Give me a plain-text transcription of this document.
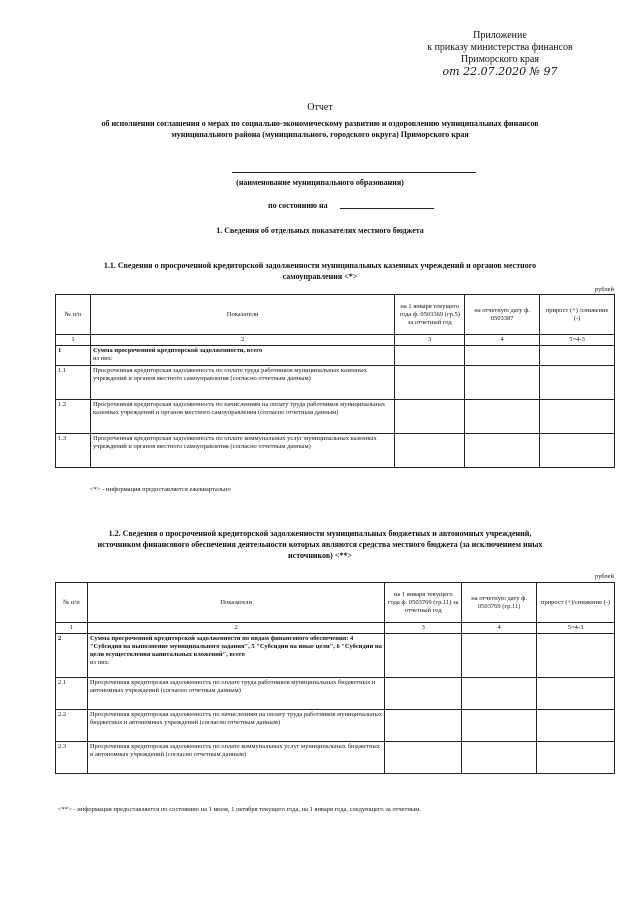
Приложение
к приказу министерства финансов
Приморского края
от 22.07.2020 № 97
Отчет
об исполнении соглашения о мерах по социально-экономическому развитию и оздоровлению муниципальных финансов
муниципального района (муниципального, городского округа) Приморского края
(наименование муниципального образования)
по состоянию на
1. Сведения об отдельных показателях местного бюджета
1.1. Сведения о просроченной кредиторской задолженности муниципальных казенных учреждений и органов местного
самоуправления <*>
рублей
№ п/п	Показатели	на 1 января текущего года ф. 0503369 (гр.5) за отчетный год	на отчетную дату ф. 0503387	прирост (+) /снижение (-)
1	2	3	4	5=4-3
1	Сумма просроченной кредиторской задолженности, всего
из них:			

1.1	Просроченная кредиторская задолженность по оплате труда работников муниципальных казенных учреждений и органов местного самоуправления (согласно отчетным данным)			
1.2	Просроченная кредиторская задолженность по начислениям на оплату труда работников муниципальных казенных учреждений и органов местного самоуправления (согласно отчетным данным)			
1.3	Просроченная кредиторская задолженность по оплате коммунальных услуг муниципальных казенных учреждений и органов местного самоуправления (согласно отчетным данным)			
<*> - информация предоставляется ежеквартально
1.2. Сведения о просроченной кредиторской задолженности муниципальных бюджетных и автономных учреждений,
источником финансового обеспечения деятельности которых являются средства местного бюджета (за исключением иных
источников) <**>
рублей
№ п/п	Показатели	на 1 января текущего года ф. 0503769 (гр.11) за отчетный год	на отчетную дату ф. 0503769 (гр.11)	прирост (+)/снижение (-)
1	2	3	4	5=4-3
2	Сумма просроченной кредиторской задолженности по видам финансового обеспечения: 4 "Субсидия на выполнение муниципального задания", 5 "Субсидии на иные цели", 6 "Субсидии на цели осуществления капитальных вложений", всего
из них:			

2.1	Просроченная кредиторская задолженность по оплате труда работников муниципальных бюджетных и автономных учреждений (согласно отчетным данным)			
2.2	Просроченная кредиторская задолженность по начислениям на оплату труда работников муниципальных бюджетных и автономных учреждений (согласно отчетным данным)			
2.3	Просроченная кредиторская задолженность по оплате коммунальных услуг муниципальных бюджетных и автономных учреждений (согласно отчетным данным)			
<**> - информация предоставляется по состоянию на 1 июля, 1 октября текущего года, на 1 января года, следующего за отчетным.
